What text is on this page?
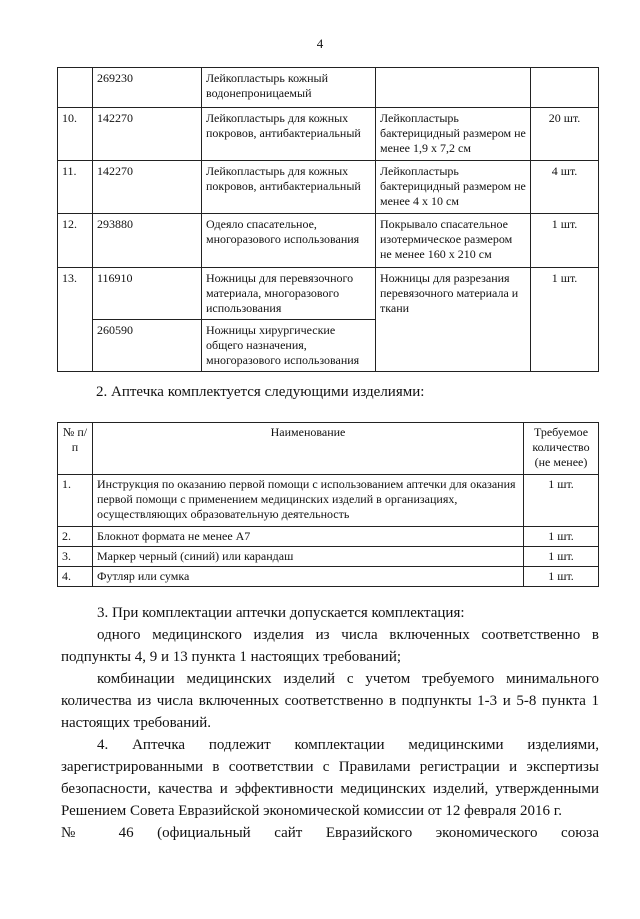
4
	269230	Лейкопластырь кожный водонепроницаемый		
10.	142270	Лейкопластырь для кожных покровов, антибактериальный	Лейкопластырь бактерицидный размером не менее 1,9 x 7,2 см	20 шт.
11.	142270	Лейкопластырь для кожных покровов, антибактериальный	Лейкопластырь бактерицидный размером не менее 4 x 10 см	4 шт.
12.	293880	Одеяло спасательное, многоразового использования	Покрывало спасательное изотермическое размером не менее 160 x 210 см	1 шт.
13.	116910	Ножницы для перевязочного материала, многоразового использования	Ножницы для разрезания перевязочного материала и ткани	1 шт.
	260590	Ножницы хирургические общего назначения, многоразового использования		
2. Аптечка комплектуется следующими изделиями:
№ п/п	Наименование	Требуемое количество (не менее)
1.	Инструкция по оказанию первой помощи с использованием аптечки для оказания первой помощи с применением медицинских изделий в организациях, осуществляющих образовательную деятельность	1 шт.
2.	Блокнот формата не менее А7	1 шт.
3.	Маркер черный (синий) или карандаш	1 шт.
4.	Футляр или сумка	1 шт.

3. При комплектации аптечки допускается комплектация:

одного медицинского изделия из числа включенных соответственно в подпункты 4, 9 и 13 пункта 1 настоящих требований;

комбинации медицинских изделий с учетом требуемого минимального количества из числа включенных соответственно в подпункты 1-3 и 5-8 пункта 1 настоящих требований.

4. Аптечка подлежит комплектации медицинскими изделиями, зарегистрированными в соответствии с Правилами регистрации и экспертизы безопасности, качества и эффективности медицинских изделий, утвержденными Решением Совета Евразийской экономической комиссии от 12 февраля 2016 г.

№ 46 (официальный сайт Евразийского экономического союза
